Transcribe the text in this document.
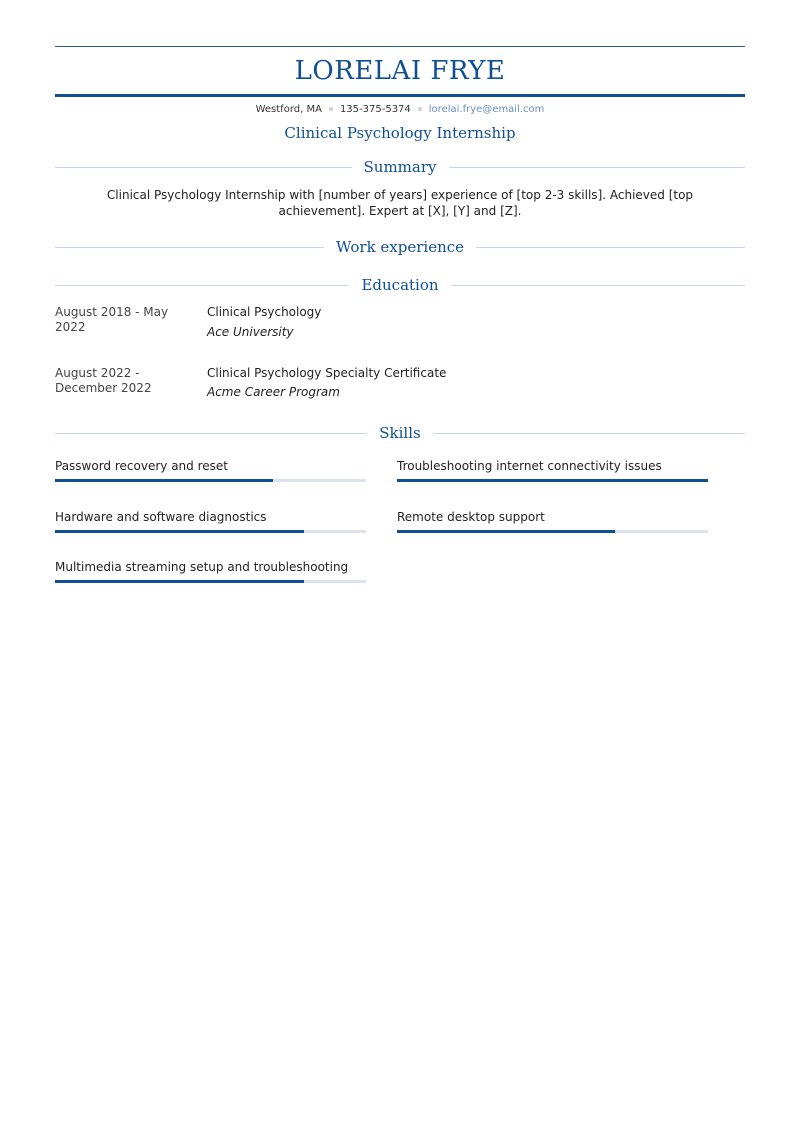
LORELAI FRYE
Westford, MA 135-375-5374 lorelai.frye@email.com
Clinical Psychology Internship
Summary
Clinical Psychology Internship with [number of years] experience of [top 2-3 skills]. Achieved [top achievement]. Expert at [X], [Y] and [Z].
Work experience
Education
August 2018 - May 2022
Clinical Psychology
Ace University
August 2022 - December 2022
Clinical Psychology Specialty Certificate
Acme Career Program
Skills
Password recovery and reset	Troubleshooting internet connectivity issues
Hardware and software diagnostics	Remote desktop support
Multimedia streaming setup and troubleshooting
